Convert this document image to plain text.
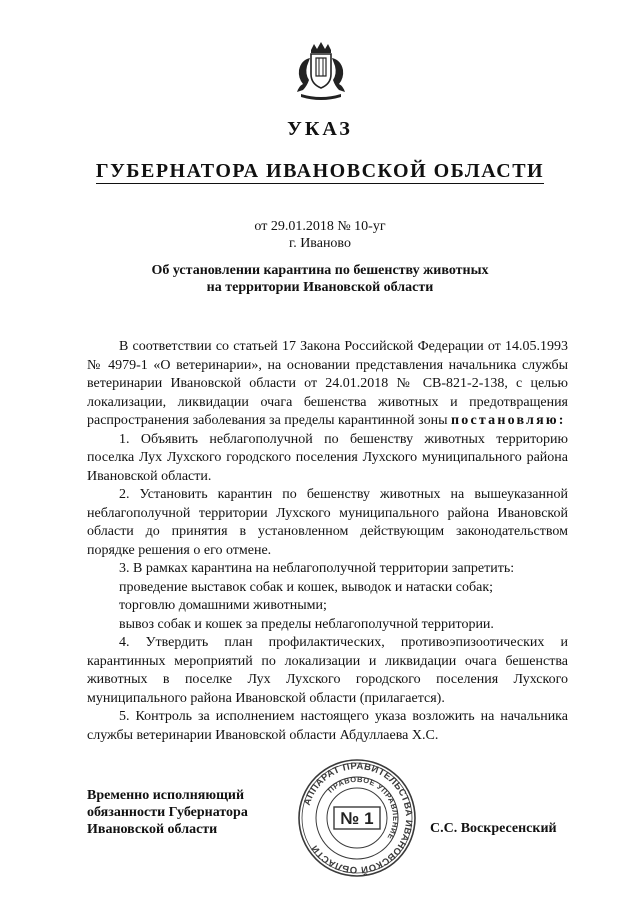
УКАЗ
ГУБЕРНАТОРА ИВАНОВСКОЙ ОБЛАСТИ
от 29.01.2018 № 10-уг
г. Иваново
Об установлении карантина по бешенству животных
на территории Ивановской области

В соответствии со статьей 17 Закона Российской Федерации от 14.05.1993 № 4979-1 «О ветеринарии», на основании представления начальника службы ветеринарии Ивановской области от 24.01.2018 № СВ-821-2-138, с целью локализации, ликвидации очага бешенства животных и предотвращения распространения заболевания за пределы карантинной зоны постановляю:

1. Объявить неблагополучной по бешенству животных территорию поселка Лух Лухского городского поселения Лухского муниципального района Ивановской области.

2. Установить карантин по бешенству животных на вышеуказанной неблагополучной территории Лухского муниципального района Ивановской области до принятия в установленном действующим законодательством порядке решения о его отмене.

3. В рамках карантина на неблагополучной территории запретить:

проведение выставок собак и кошек, выводок и натаски собак;

торговлю домашними животными;

вывоз собак и кошек за пределы неблагополучной территории.

4. Утвердить план профилактических, противоэпизоотических и карантинных мероприятий по локализации и ликвидации очага бешенства животных в поселке Лух Лухского городского поселения Лухского муниципального района Ивановской области (прилагается).

5. Контроль за исполнением настоящего указа возложить на начальника службы ветеринарии Ивановской области Абдуллаева Х.С.

Временно исполняющий
обязанности Губернатора
Ивановской области
АППАРАТ ПРАВИТЕЛЬСТВА ИВАНОВСКОЙ ОБЛАСТИ
ПРАВОВОЕ УПРАВЛЕНИЕ
№ 1
С.С. Воскресенский
